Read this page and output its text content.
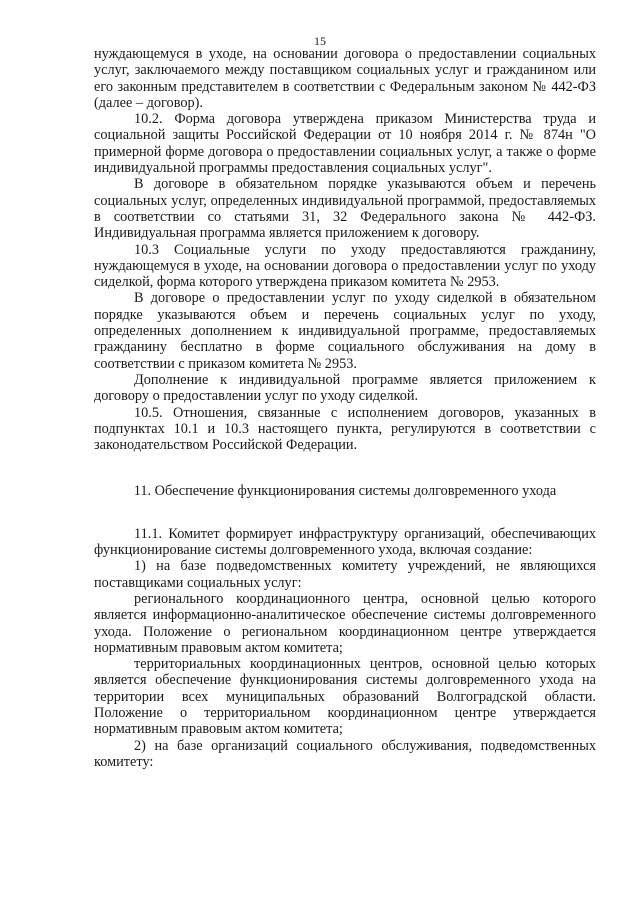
15

нуждающемуся в уходе, на основании договора о предоставлении социальных услуг, заключаемого между поставщиком социальных услуг и гражданином или его законным представителем в соответствии с Федеральным законом № 442-ФЗ (далее – договор).

10.2. Форма договора утверждена приказом Министерства труда и социальной защиты Российской Федерации от 10 ноября 2014 г. № 874н "О примерной форме договора о предоставлении социальных услуг, а также о форме индивидуальной программы предоставления социальных услуг".

В договоре в обязательном порядке указываются объем и перечень социальных услуг, определенных индивидуальной программой, предоставляемых в соответствии со статьями 31, 32 Федерального закона № 442-ФЗ. Индивидуальная программа является приложением к договору.

10.3 Социальные услуги по уходу предоставляются гражданину, нуждающемуся в уходе, на основании договора о предоставлении услуг по уходу сиделкой, форма которого утверждена приказом комитета № 2953.

В договоре о предоставлении услуг по уходу сиделкой в обязательном порядке указываются объем и перечень социальных услуг по уходу, определенных дополнением к индивидуальной программе, предоставляемых гражданину бесплатно в форме социального обслуживания на дому в соответствии с приказом комитета № 2953.

Дополнение к индивидуальной программе является приложением к договору о предоставлении услуг по уходу сиделкой.

10.5. Отношения, связанные с исполнением договоров, указанных в подпунктах 10.1 и 10.3 настоящего пункта, регулируются в соответствии с законодательством Российской Федерации.

11. Обеспечение функционирования системы долговременного ухода

11.1. Комитет формирует инфраструктуру организаций, обеспечивающих функционирование системы долговременного ухода, включая создание:

1) на базе подведомственных комитету учреждений, не являющихся поставщиками социальных услуг:

регионального координационного центра, основной целью которого является информационно-аналитическое обеспечение системы долговременного ухода. Положение о региональном координационном центре утверждается нормативным правовым актом комитета;

территориальных координационных центров, основной целью которых является обеспечение функционирования системы долговременного ухода на территории всех муниципальных образований Волгоградской области. Положение о территориальном координационном центре утверждается нормативным правовым актом комитета;

2) на базе организаций социального обслуживания, подведомственных комитету:
